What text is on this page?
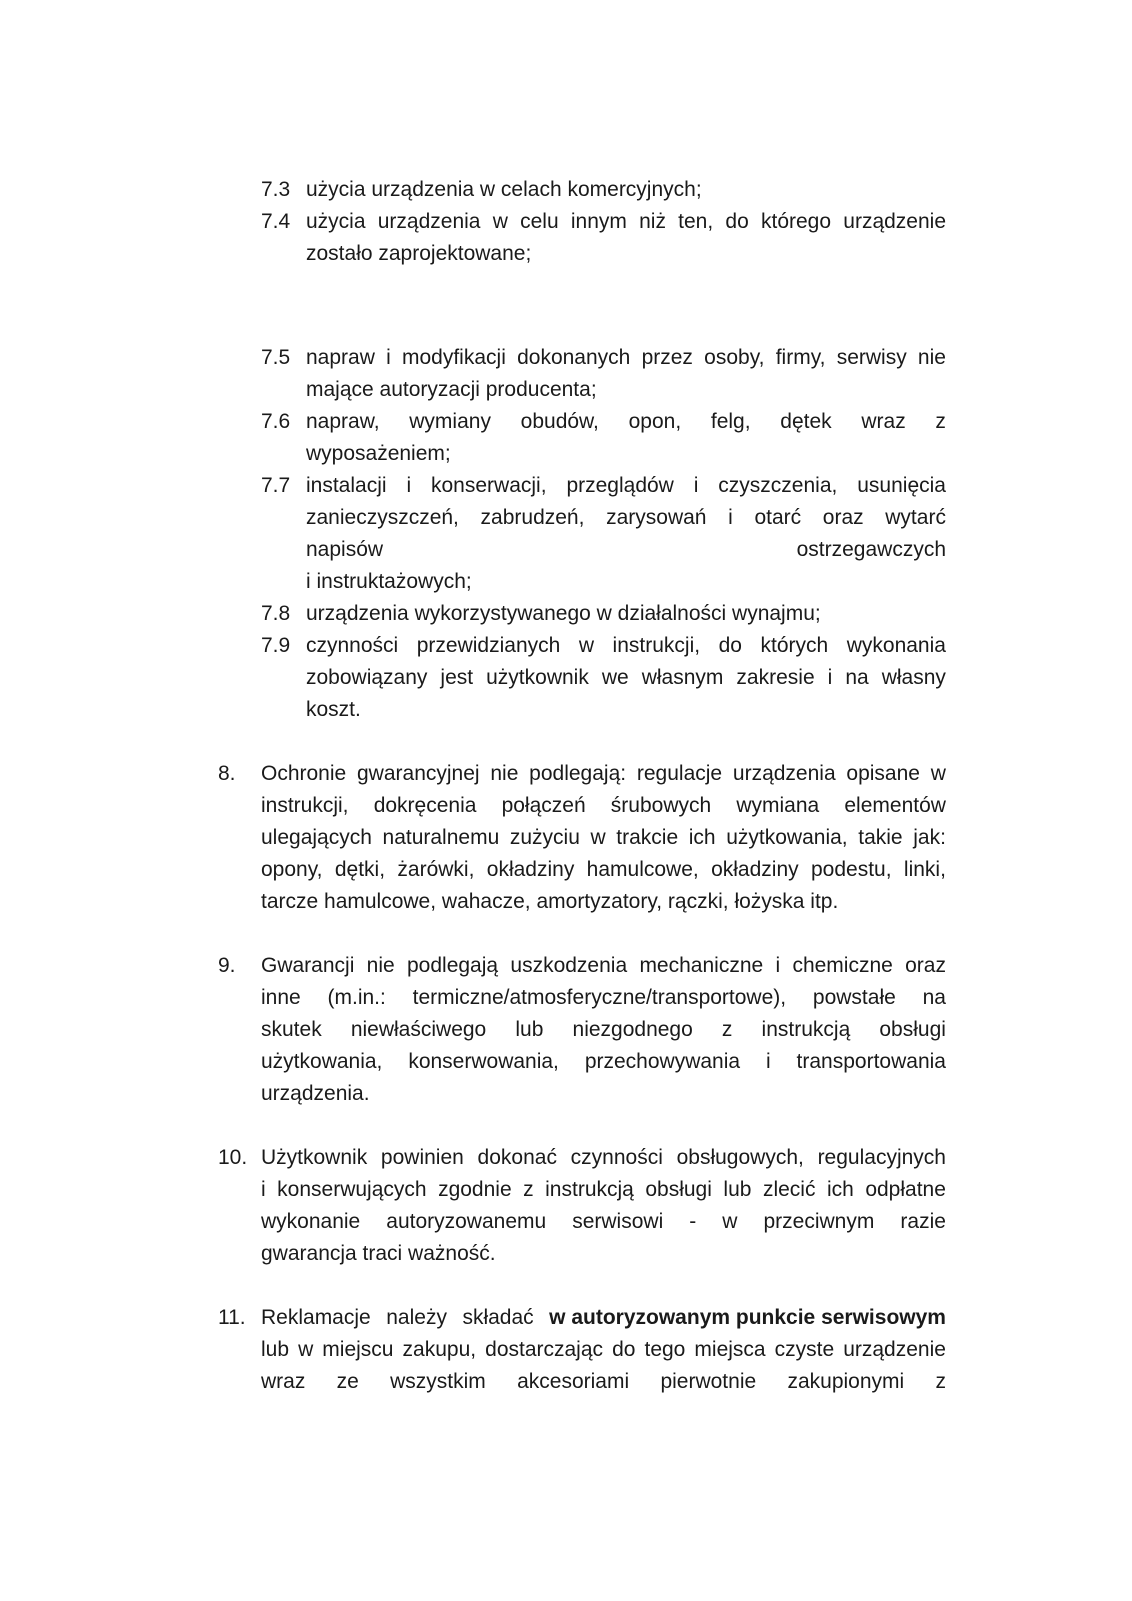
7.3 użycia urządzenia w celach komercyjnych;
7.4 użycia urządzenia w celu innym niż ten, do którego urządzenie
zostało zaprojektowane;
7.5 napraw i modyfikacji dokonanych przez osoby, firmy, serwisy nie
mające autoryzacji producenta;
7.6 napraw, wymiany obudów, opon, felg, dętek wraz z
wyposażeniem;
7.7 instalacji i konserwacji, przeglądów i czyszczenia, usunięcia
zanieczyszczeń, zabrudzeń, zarysowań i otarć oraz wytarć
napisów	ostrzegawczych
i instruktażowych;
7.8 urządzenia wykorzystywanego w działalności wynajmu;
7.9 czynności przewidzianych w instrukcji, do których wykonania
zobowiązany jest użytkownik we własnym zakresie i na własny
koszt.
8. Ochronie gwarancyjnej nie podlegają: regulacje urządzenia opisane w
instrukcji, dokręcenia połączeń śrubowych wymiana elementów
ulegających naturalnemu zużyciu w trakcie ich użytkowania, takie jak:
opony, dętki, żarówki, okładziny hamulcowe, okładziny podestu, linki,
tarcze hamulcowe, wahacze, amortyzatory, rączki, łożyska itp.
9. Gwarancji nie podlegają uszkodzenia mechaniczne i chemiczne oraz
inne (m.in.: termiczne/atmosferyczne/transportowe), powstałe na
skutek niewłaściwego lub niezgodnego z instrukcją obsługi
użytkowania, konserwowania, przechowywania i transportowania
urządzenia.
10. Użytkownik powinien dokonać czynności obsługowych, regulacyjnych
i konserwujących zgodnie z instrukcją obsługi lub zlecić ich odpłatne
wykonanie autoryzowanemu serwisowi - w przeciwnym razie
gwarancja traci ważność.
11. Reklamacje należy składać w autoryzowanym punkcie serwisowym
lub w miejscu zakupu, dostarczając do tego miejsca czyste urządzenie
wraz ze wszystkim akcesoriami pierwotnie zakupionymi z
